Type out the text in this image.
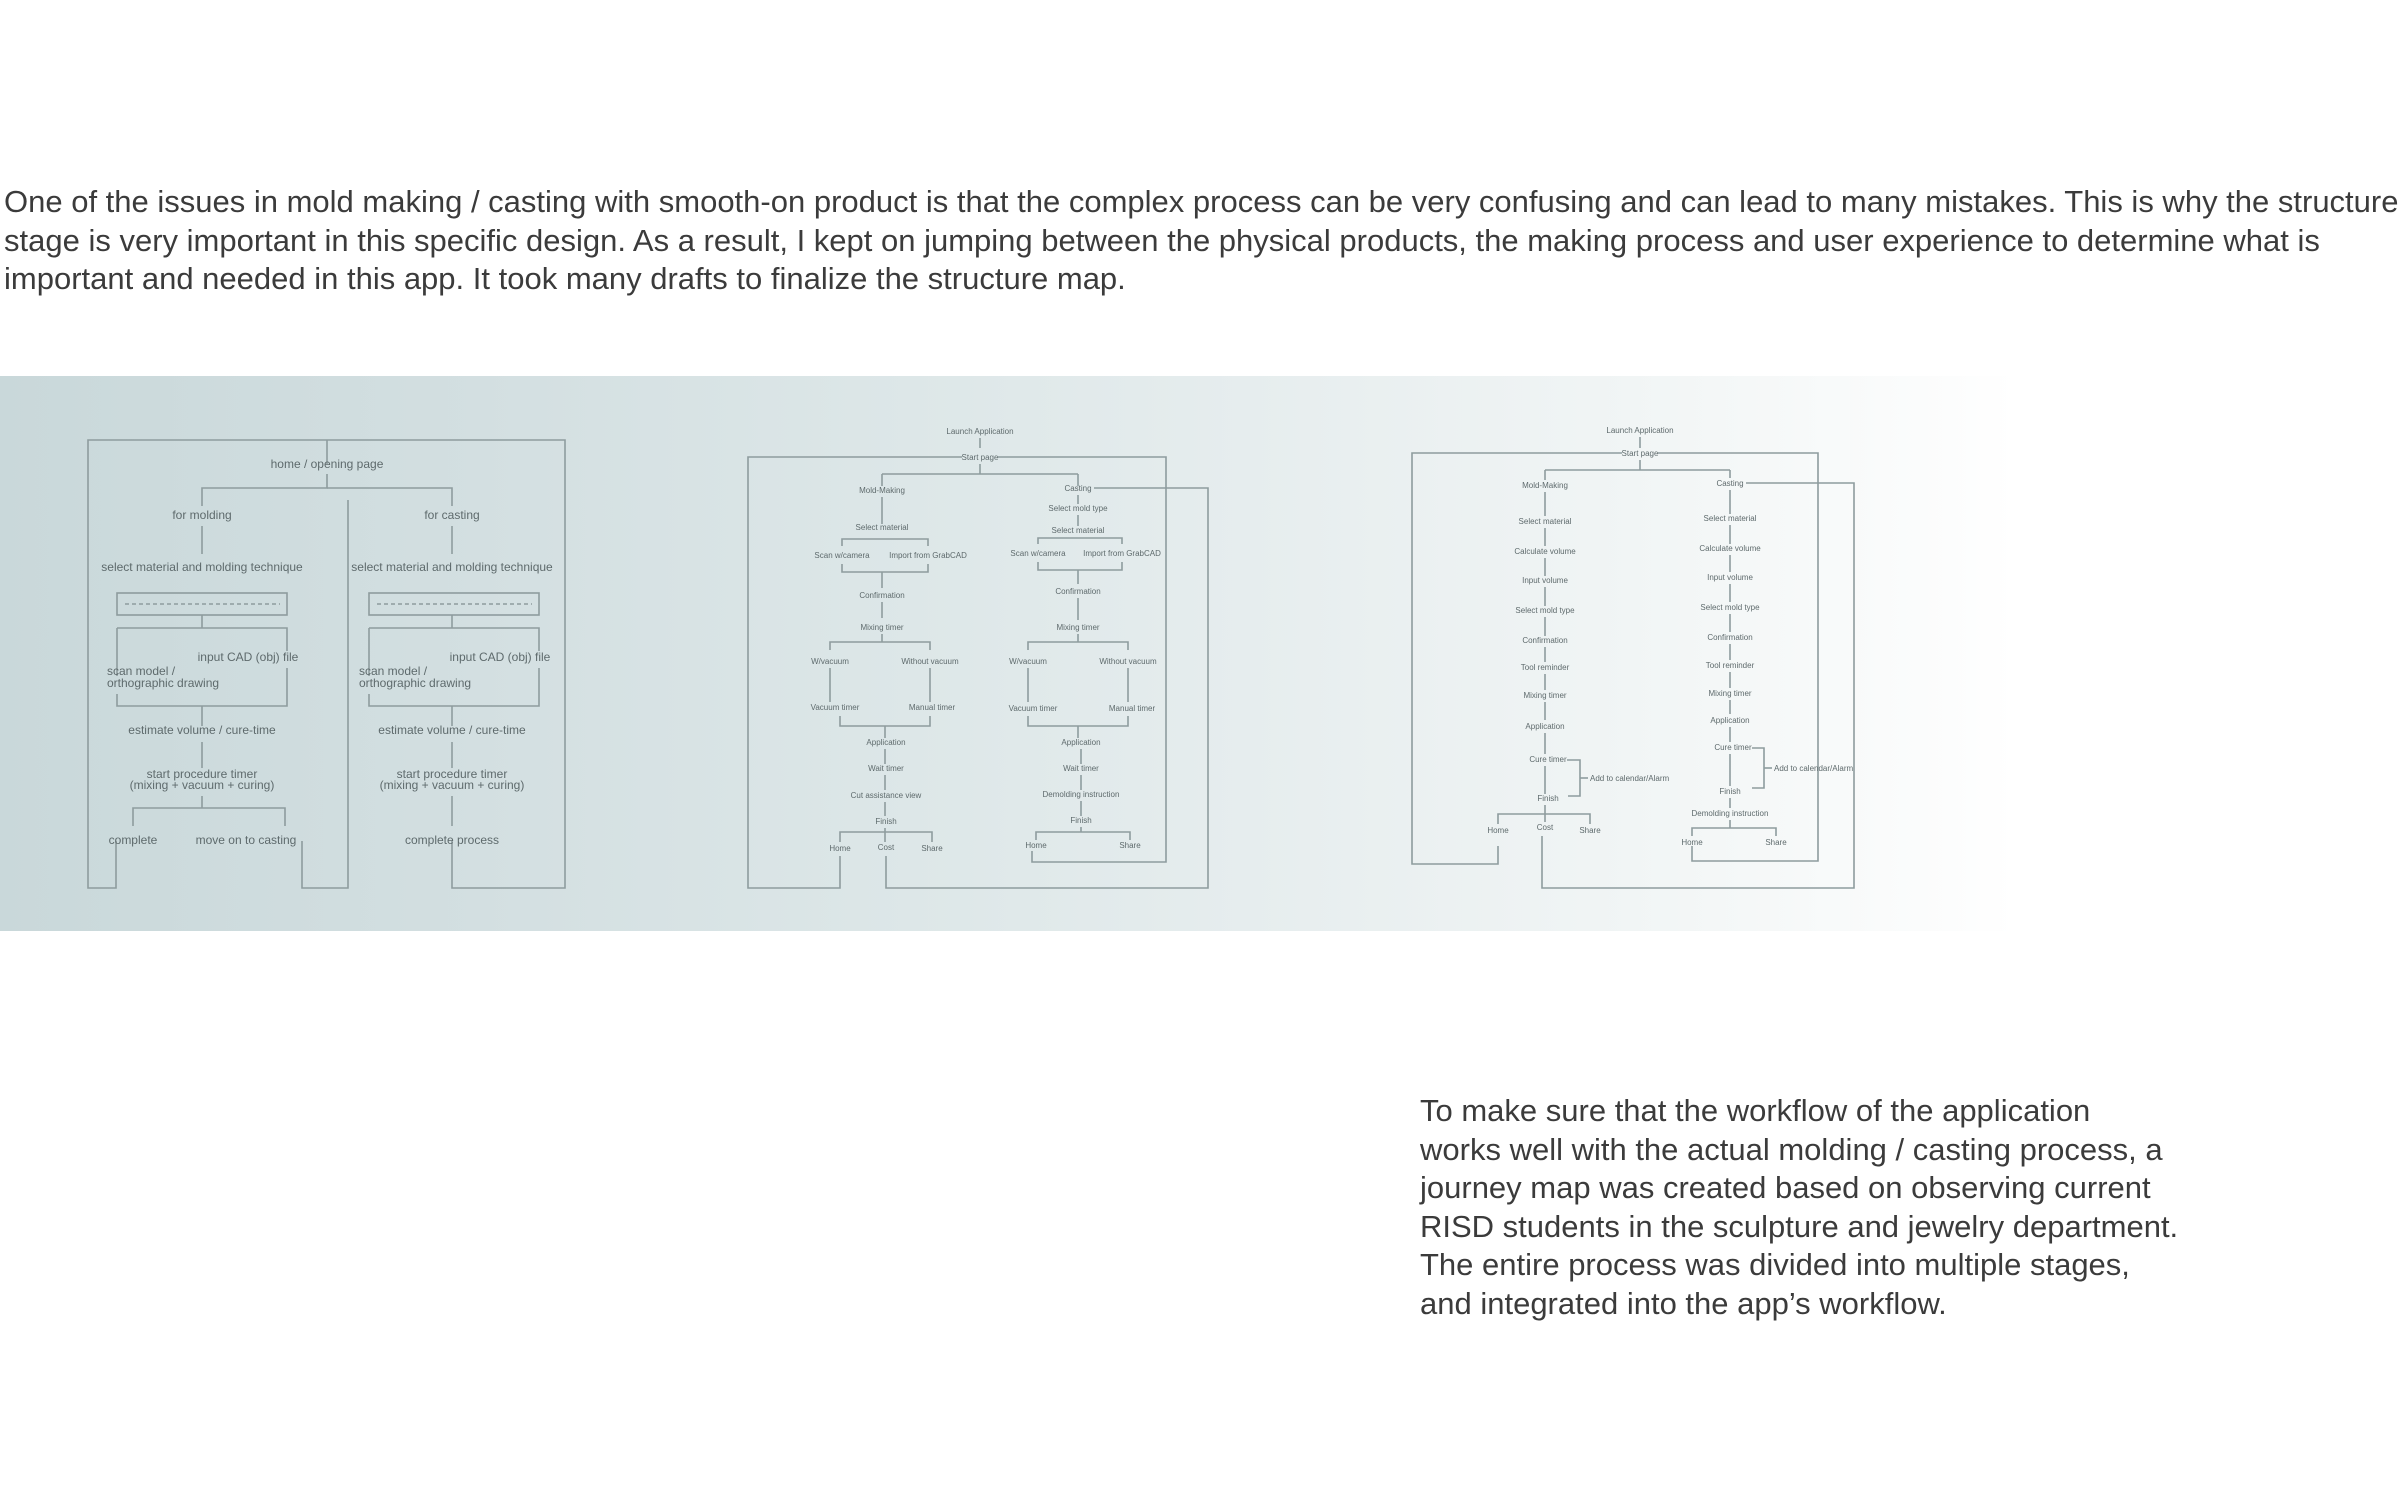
One of the issues in mold making / casting with smooth-on product is that the complex process can be very confusing and can lead to many mistakes. This is why the structure stage is very important in this specific design. As a result, I kept on jumping between the physical products, the making process and user experience to determine what is important and needed in this app. It took many drafts to finalize the structure map.

home / opening page
for molding	for casting
select material and molding technique	select material and molding technique
input CAD (obj) file	input CAD (obj) file
scan model /
orthographic drawing
scan model /
orthographic drawing
estimate volume / cure-time	estimate volume / cure-time
start procedure timer
(mixing + vacuum + curing)
start procedure timer
(mixing + vacuum + curing)
complete	move on to casting	complete process
Launch Application
Start page
Mold-Making	Casting
Select mold type
Select material	Select material
Scan w/camera Import from GrabCAD	Scan w/camera Import from GrabCAD
Confirmation	Confirmation
Mixing timer	Mixing timer
W/vacuum	Without vacuum	W/vacuum	Without vacuum
Vacuum timer	Manual timer	Vacuum timer	Manual timer
Application	Application
Wait timer	Wait timer
Cut assistance view	Demolding instruction
Finish	Finish
Home	Cost	Share	Home	Share
Launch Application
Start page
Mold-Making	Casting
Select material	Select material
Calculate volume	Calculate volume
Input volume	Input volume
Select mold type	Select mold type
Confirmation	Confirmation
Tool reminder	Tool reminder
Mixing timer	Mixing timer
Application
Application
Cure timer
Cure timer
Add to calendar/Alarm
Add to calendar/Alarm
Finish
Finish
Demolding instruction
Home	Cost	Share
Home	Share

To make sure that the workflow of the application
works well with the actual molding / casting process, a
journey map was created based on observing current
RISD students in the sculpture and jewelry department.
The entire process was divided into multiple stages,
and integrated into the app’s workflow.
